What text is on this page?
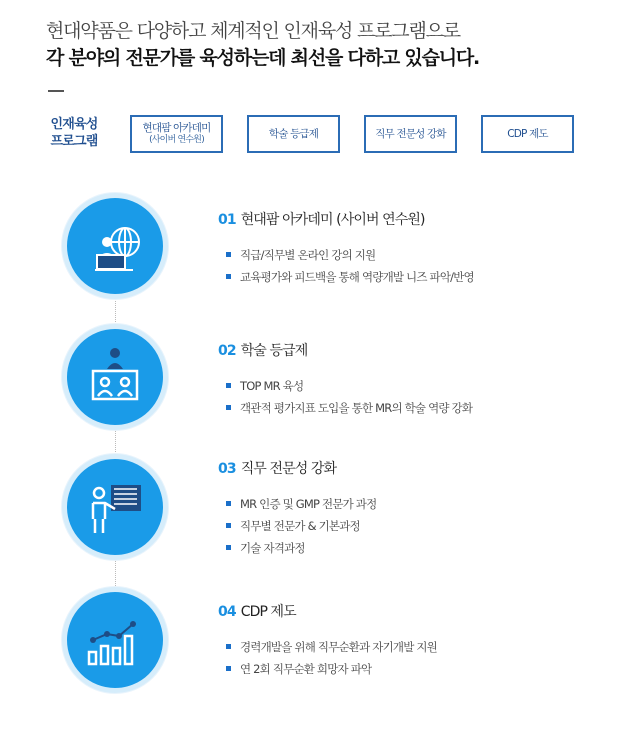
현대약품은 다양하고 체계적인 인재육성 프로그램으로
각 분야의 전문가를 육성하는데 최선을 다하고 있습니다.
인재육성
프로그램
현대팜 아카데미
(사이버 연수원)
학술 등급제	직무 전문성 강화	CDP 제도
01 현대팜 아카데미 (사이버 연수원)
직급/직무별 온라인 강의 지원
교육평가와 피드백을 통해 역량개발 니즈 파악/반영
02 학술 등급제
TOP MR 육성
객관적 평가지표 도입을 통한 MR의 학술 역량 강화
03 직무 전문성 강화
MR 인증 및 GMP 전문가 과정
직무별 전문가 & 기본과정
기술 자격과정
04 CDP 제도
경력개발을 위해 직무순환과 자기개발 지원
연 2회 직무순환 희망자 파악
